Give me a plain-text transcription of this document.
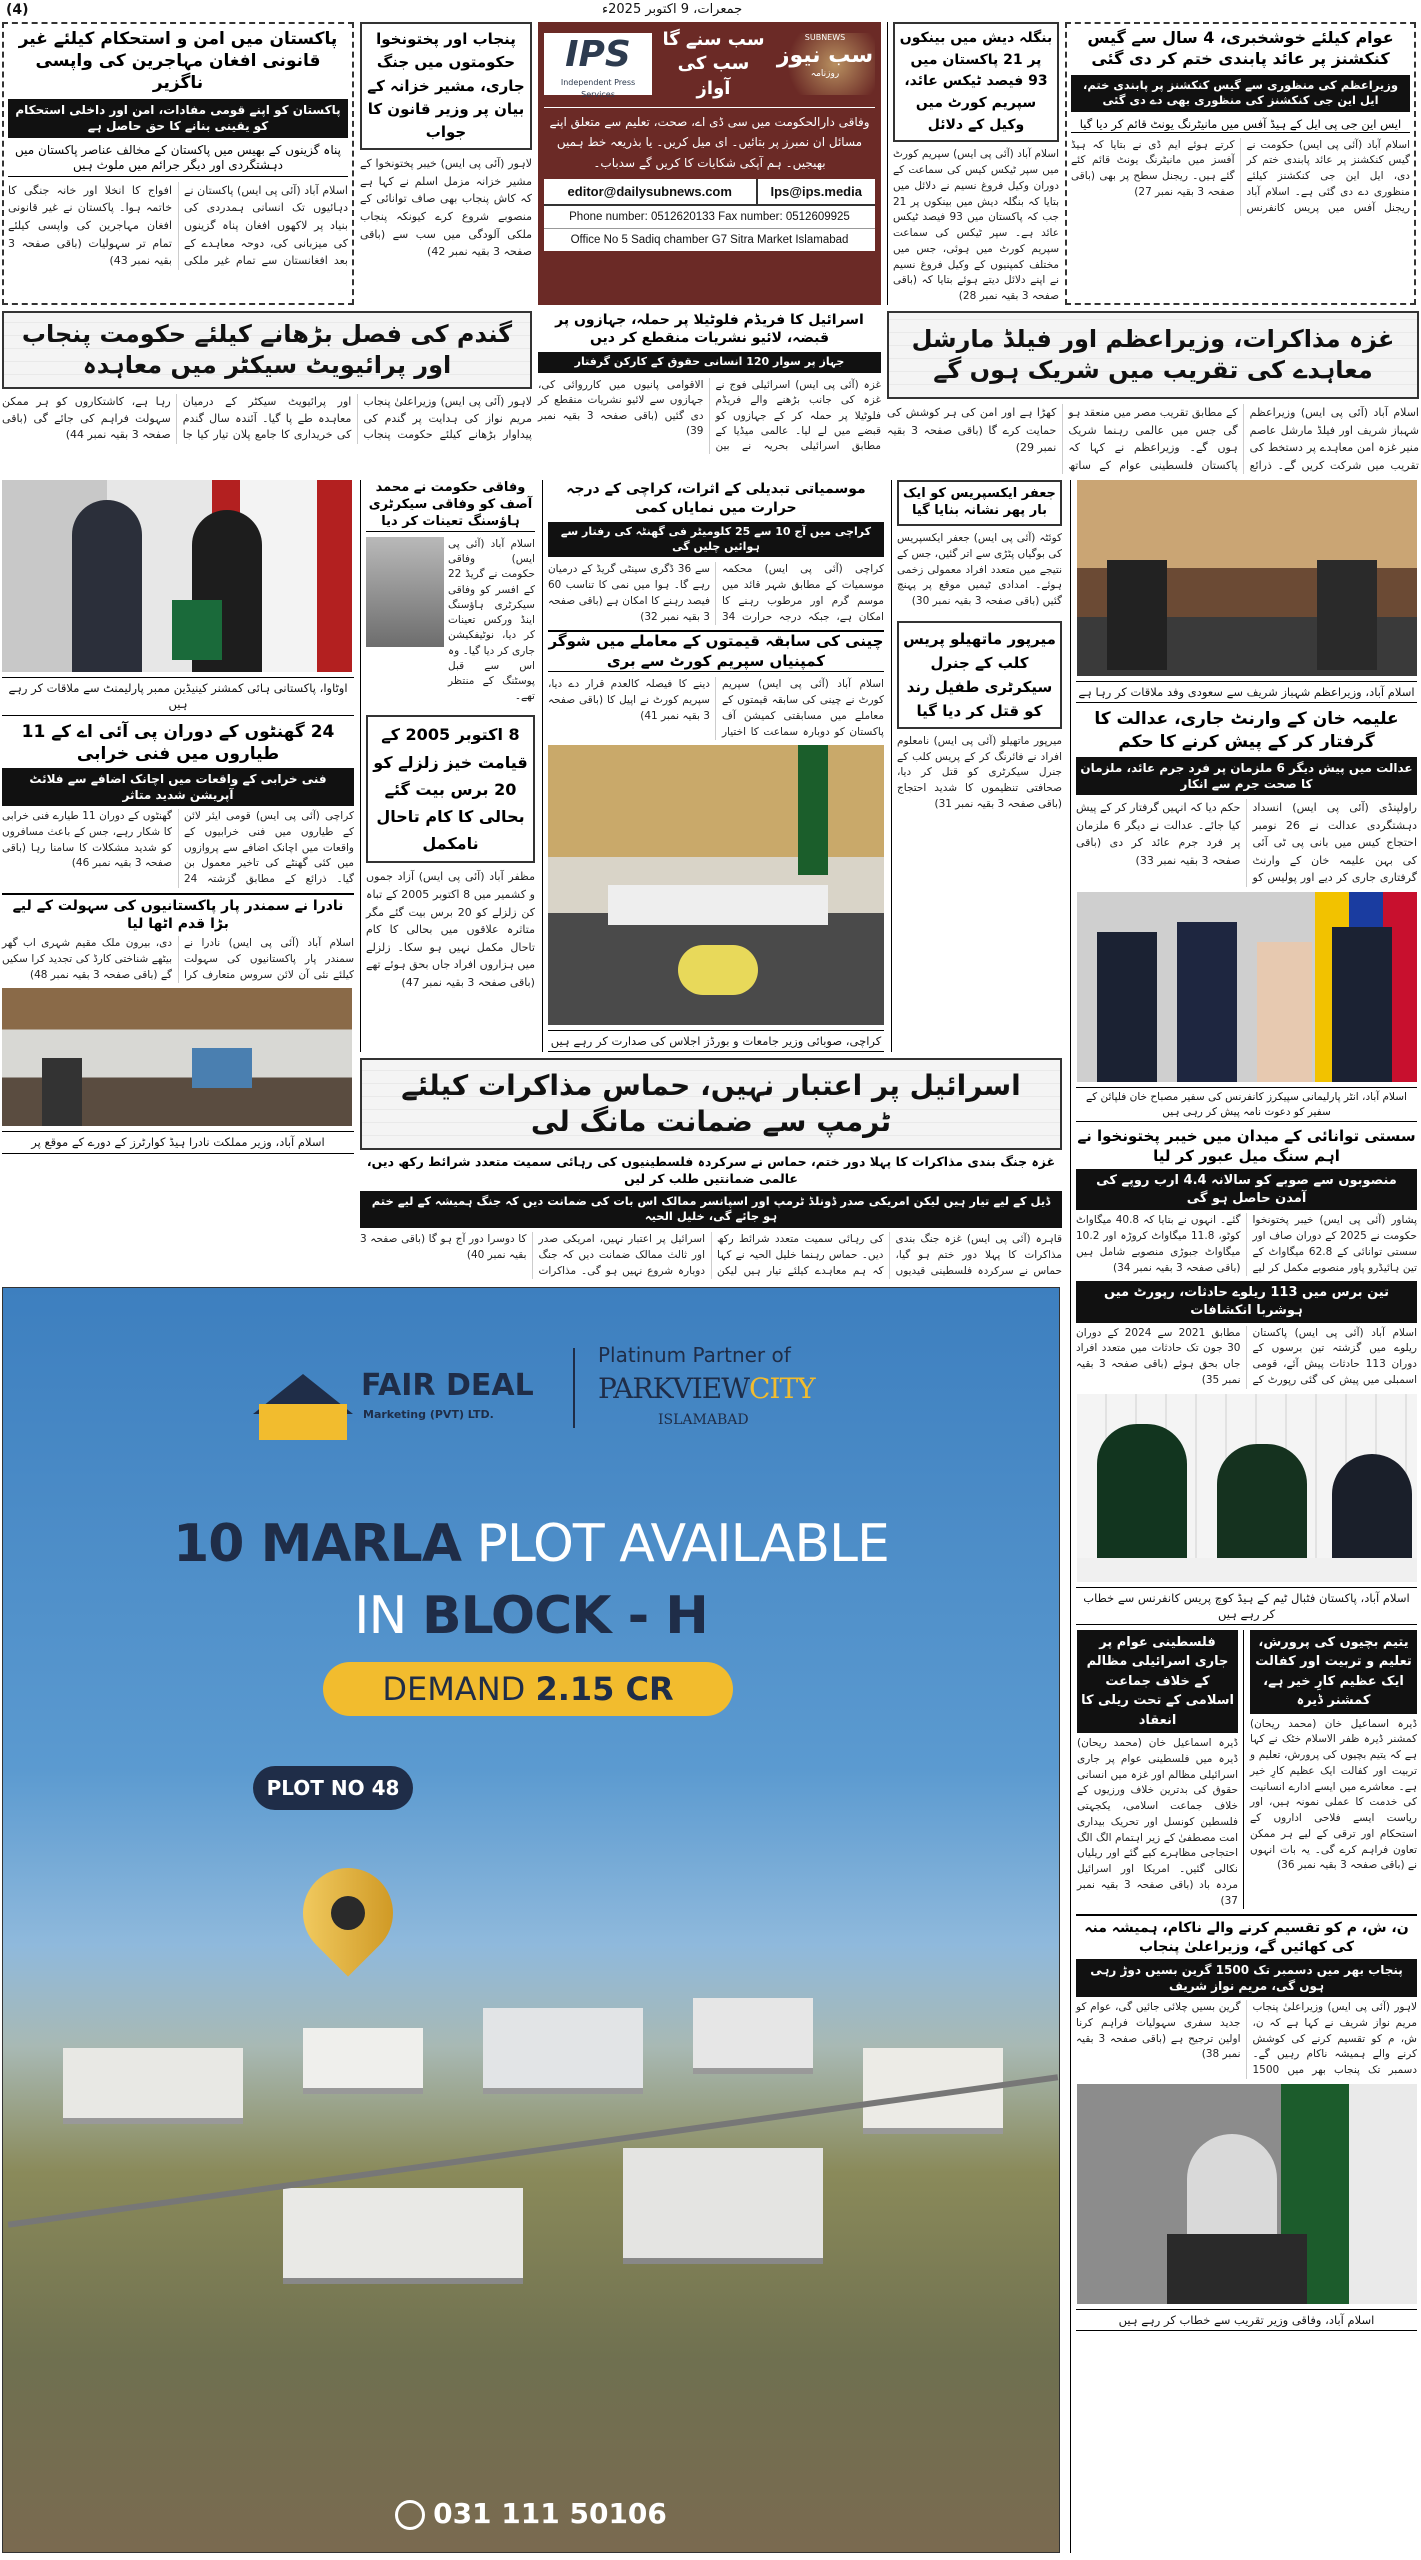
(4)	جمعرات، 9 اکتوبر 2025ء
پاکستان میں امن و استحکام کیلئے غیر قانونی افغان مہاجرین کی واپسی ناگزیر
پاکستان کو اپنے قومی مفادات، امن اور داخلی استحکام کو یقینی بنانے کا حق حاصل ہے
پناہ گزینوں کے بھیس میں پاکستان کے مخالف عناصر پاکستان میں دہشتگردی اور دیگر جرائم میں ملوث ہیں
اسلام آباد (آئی پی ایس) پاکستان نے دہائیوں تک انسانی ہمدردی کی بنیاد پر لاکھوں افغان پناہ گزینوں کی میزبانی کی، دوحہ معاہدے کے بعد افغانستان سے تمام غیر ملکی افواج کا انخلا اور خانہ جنگی کا خاتمہ ہوا۔ پاکستان نے غیر قانونی افغان مہاجرین کی واپسی کیلئے تمام تر سہولیات (باقی صفحہ 3 بقیہ نمبر 43)
پنجاب اور پختونخوا حکومتوں میں جنگ جاری، مشیر خزانہ کے بیان پر وزیر قانون کا جواب
لاہور (آئی پی ایس) خیبر پختونخوا کے مشیر خزانہ مزمل اسلم نے کہا ہے کہ کاش پنجاب بھی صاف توانائی کے منصوبے شروع کرے کیونکہ پنجاب ملکی آلودگی میں سب سے (باقی صفحہ 3 بقیہ نمبر 42)
IPS
Independent Press Services
سب سنے گا
سب کی آواز
SUBNEWS
سب نیوز
روزنامہ
وفاقی دارالحکومت میں سی ڈی اے، صحت، تعلیم سے متعلق اپنے مسائل ان نمبرز پر بتائیں۔ ای میل کریں۔ یا بذریعہ خط ہمیں بھیجیں۔ ہم آپکی شکایات کا کریں گے سدباب۔
editor@dailysubnews.com	Ips@ips.media
Phone number: 0512620133 Fax number: 0512609925
Office No 5 Sadiq chamber G7 Sitra Market Islamabad
بنگلہ دیش میں بینکوں پر 21 پاکستان میں 93 فیصد ٹیکس عائد، سپریم کورٹ میں وکیل کے دلائل
اسلام آباد (آئی پی ایس) سپریم کورٹ میں سپر ٹیکس کیس کی سماعت کے دوران وکیل فروغ نسیم نے دلائل میں بتایا کہ بنگلہ دیش میں بینکوں پر 21 جب کہ پاکستان میں 93 فیصد ٹیکس عائد ہے۔ سپر ٹیکس کی سماعت سپریم کورٹ میں ہوئی، جس میں مختلف کمپنیوں کے وکیل فروغ نسیم نے اپنے دلائل دیتے ہوئے بتایا کہ (باقی صفحہ 3 بقیہ نمبر 28)
عوام کیلئے خوشخبری، 4 سال سے گیس کنکشنز پر عائد پابندی ختم کر دی گئی
وزیراعظم کی منظوری سے گیس کنکشنز پر پابندی ختم، ایل این جی کنکشنز کی منظوری بھی دے دی گئی
ایس این جی پی ایل کے ہیڈ آفس میں مانیٹرنگ یونٹ قائم کر دیا گیا
اسلام آباد (آئی پی ایس) حکومت نے گیس کنکشنز پر عائد پابندی ختم کر دی، ایل این جی کنکشنز کیلئے منظوری دے دی گئی ہے۔ اسلام آباد ریجنل آفس میں پریس کانفرنس کرتے ہوئے ایم ڈی نے بتایا کہ ہیڈ آفسز میں مانیٹرنگ یونٹ قائم کئے گئے ہیں۔ ریجنل سطح پر بھی (باقی صفحہ 3 بقیہ نمبر 27)
گندم کی فصل بڑھانے کیلئے حکومت پنجاب اور پرائیویٹ سیکٹر میں معاہدہ
لاہور (آئی پی ایس) وزیراعلیٰ پنجاب مریم نواز کی ہدایت پر گندم کی پیداوار بڑھانے کیلئے حکومت پنجاب اور پرائیویٹ سیکٹر کے درمیان معاہدہ طے پا گیا۔ آئندہ سال گندم کی خریداری کا جامع پلان تیار کیا جا رہا ہے، کاشتکاروں کو ہر ممکن سہولت فراہم کی جائے گی (باقی صفحہ 3 بقیہ نمبر 44)
اسرائیل کا فریڈم فلوٹیلا پر حملہ، جہازوں پر قبضہ، لائیو نشریات منقطع کر دیں
جہاز پر سوار 120 انسانی حقوق کے کارکن گرفتار
غزہ (آئی پی ایس) اسرائیلی فوج نے غزہ کی جانب بڑھنے والے فریڈم فلوٹیلا پر حملہ کر کے جہازوں کو قبضے میں لے لیا۔ عالمی میڈیا کے مطابق اسرائیلی بحریہ نے بین الاقوامی پانیوں میں کارروائی کی، جہازوں سے لائیو نشریات منقطع کر دی گئیں (باقی صفحہ 3 بقیہ نمبر 39)
غزہ مذاکرات، وزیراعظم اور فیلڈ مارشل معاہدے کی تقریب میں شریک ہوں گے
اسلام آباد (آئی پی ایس) وزیراعظم شہباز شریف اور فیلڈ مارشل عاصم منیر غزہ امن معاہدے پر دستخط کی تقریب میں شرکت کریں گے۔ ذرائع کے مطابق تقریب مصر میں منعقد ہو گی جس میں عالمی رہنما شریک ہوں گے۔ وزیراعظم نے کہا کہ پاکستان فلسطینی عوام کے ساتھ کھڑا ہے اور امن کی ہر کوشش کی حمایت کرے گا (باقی صفحہ 3 بقیہ نمبر 29)
اوٹاوا، پاکستانی ہائی کمشنر کینیڈین ممبر پارلیمنٹ سے ملاقات کر رہے ہیں
24 گھنٹوں کے دوران پی آئی اے کے 11 طیاروں میں فنی خرابی
فنی خرابی کے واقعات میں اچانک اضافے سے فلائٹ آپریشن شدید متاثر
کراچی (آئی پی ایس) قومی ایئر لائن کے طیاروں میں فنی خرابیوں کے واقعات میں اچانک اضافے سے پروازوں میں کئی گھنٹے کی تاخیر معمول بن گیا۔ ذرائع کے مطابق گزشتہ 24 گھنٹوں کے دوران 11 طیارے فنی خرابی کا شکار رہے، جس کے باعث مسافروں کو شدید مشکلات کا سامنا رہا (باقی صفحہ 3 بقیہ نمبر 46)
نادرا نے سمندر پار پاکستانیوں کی سہولت کے لیے بڑا قدم اٹھا لیا
اسلام آباد (آئی پی ایس) نادرا نے سمندر پار پاکستانیوں کی سہولت کیلئے نئی آن لائن سروس متعارف کرا دی، بیرون ملک مقیم شہری اب گھر بیٹھے شناختی کارڈ کی تجدید کرا سکیں گے (باقی صفحہ 3 بقیہ نمبر 48)
اسلام آباد، وزیر مملکت نادرا ہیڈ کوارٹرز کے دورے کے موقع پر
وفاقی حکومت نے محمد آصف کو وفاقی سیکرٹری ہاؤسنگ تعینات کر دیا
اسلام آباد (آئی پی ایس) وفاقی حکومت نے گریڈ 22 کے افسر کو وفاقی سیکرٹری ہاؤسنگ اینڈ ورکس تعینات کر دیا، نوٹیفکیشن جاری کر دیا گیا۔ وہ اس سے قبل پوسٹنگ کے منتظر تھے۔
8 اکتوبر 2005 کے قیامت خیز زلزلے کو 20 برس بیت گئے بحالی کا کام تاحال نامکمل
مظفر آباد (آئی پی ایس) آزاد جموں و کشمیر میں 8 اکتوبر 2005 کے تباہ کن زلزلے کو 20 برس بیت گئے مگر متاثرہ علاقوں میں بحالی کا کام تاحال مکمل نہیں ہو سکا۔ زلزلے میں ہزاروں افراد جاں بحق ہوئے تھے (باقی صفحہ 3 بقیہ نمبر 47)
موسمیاتی تبدیلی کے اثرات، کراچی کے درجہ حرارت میں نمایاں کمی
کراچی میں آج 10 سے 25 کلومیٹر فی گھنٹہ کی رفتار سے ہوائیں چلیں گی
کراچی (آئی پی ایس) محکمہ موسمیات کے مطابق شہر قائد میں موسم گرم اور مرطوب رہنے کا امکان ہے، جبکہ درجہ حرارت 34 سے 36 ڈگری سینٹی گریڈ کے درمیان رہے گا۔ ہوا میں نمی کا تناسب 60 فیصد رہنے کا امکان ہے (باقی صفحہ 3 بقیہ نمبر 32)
چینی کی سابقہ قیمتوں کے معاملے میں شوگر کمپنیاں سپریم کورٹ سے بری
اسلام آباد (آئی پی ایس) سپریم کورٹ نے چینی کی سابقہ قیمتوں کے معاملے میں مسابقتی کمیشن آف پاکستان کو دوبارہ سماعت کا اختیار دینے کا فیصلہ کالعدم قرار دے دیا، سپریم کورٹ نے اپیل کا (باقی صفحہ 3 بقیہ نمبر 41)
کراچی، صوبائی وزیر جامعات و بورڈز اجلاس کی صدارت کر رہے ہیں
جعفر ایکسپریس کو ایک بار پھر نشانہ بنایا گیا
کوئٹہ (آئی پی ایس) جعفر ایکسپریس کی بوگیاں پٹڑی سے اتر گئیں، جس کے نتیجے میں متعدد افراد معمولی زخمی ہوئے۔ امدادی ٹیمیں موقع پر پہنچ گئیں (باقی صفحہ 3 بقیہ نمبر 30)
میرپور ماتھیلو پریس کلب کے جنرل سیکرٹری طفیل رند کو قتل کر دیا گیا
میرپور ماتھیلو (آئی پی ایس) نامعلوم افراد نے فائرنگ کر کے پریس کلب کے جنرل سیکرٹری کو قتل کر دیا، صحافتی تنظیموں کا شدید احتجاج (باقی صفحہ 3 بقیہ نمبر 31)
اسرائیل پر اعتبار نہیں، حماس مذاکرات کیلئے ٹرمپ سے ضمانت مانگ لی
غزہ جنگ بندی مذاکرات کا پہلا دور ختم، حماس نے سرکردہ فلسطینیوں کی رہائی سمیت متعدد شرائط رکھ دیں، عالمی ضمانتیں طلب کر لیں
ڈیل کے لیے تیار ہیں لیکن امریکی صدر ڈونلڈ ٹرمپ اور اسپانسر ممالک اس بات کی ضمانت دیں کہ جنگ ہمیشہ کے لیے ختم ہو جائے گی، خلیل الحیہ
قاہرہ (آئی پی ایس) غزہ جنگ بندی مذاکرات کا پہلا دور ختم ہو گیا، حماس نے سرکردہ فلسطینی قیدیوں کی رہائی سمیت متعدد شرائط رکھ دیں۔ حماس رہنما خلیل الحیہ نے کہا کہ ہم معاہدے کیلئے تیار ہیں لیکن اسرائیل پر اعتبار نہیں، امریکی صدر اور ثالث ممالک ضمانت دیں کہ جنگ دوبارہ شروع نہیں ہو گی۔ مذاکرات کا دوسرا دور آج ہو گا (باقی صفحہ 3 بقیہ نمبر 40)
FAIR DEAL
Marketing (PVT) LTD.
Platinum Partner of
PARKVIEWCITY
ISLAMABAD
10 MARLA PLOT AVAILABLE
IN BLOCK - H
DEMAND 2.15 CR
PLOT NO 48
031 111 50106
اسلام آباد، وزیراعظم شہباز شریف سے سعودی وفد ملاقات کر رہا ہے
علیمہ خان کے وارنٹ جاری، عدالت کا گرفتار کر کے پیش کرنے کا حکم
عدالت میں پیش دیگر 6 ملزمان پر فرد جرم عائد، ملزمان کا صحت جرم سے انکار
راولپنڈی (آئی پی ایس) انسداد دہشتگردی عدالت نے 26 نومبر احتجاج کیس میں بانی پی ٹی آئی کی بہن علیمہ خان کے وارنٹ گرفتاری جاری کر دیے اور پولیس کو حکم دیا کہ انہیں گرفتار کر کے پیش کیا جائے۔ عدالت نے دیگر 6 ملزمان پر فرد جرم عائد کر دی (باقی صفحہ 3 بقیہ نمبر 33)
اسلام آباد، انٹر پارلیمانی سپیکرز کانفرنس کی سفیر مصباح خان فلپائن کے سفیر کو دعوت نامہ پیش کر رہی ہیں
سستی توانائی کے میدان میں خیبر پختونخوا نے اہم سنگ میل عبور کر لیا
منصوبوں سے صوبے کو سالانہ 4.4 ارب روپے کی آمدن حاصل ہو گی
پشاور (آئی پی ایس) خیبر پختونخوا حکومت نے 2025 کے دوران صاف اور سستی توانائی کے 62.8 میگاواٹ کے تین ہائیڈرو پاور منصوبے مکمل کر لیے گئے۔ انہوں نے بتایا کہ 40.8 میگاواٹ کوٹو، 11.8 میگاواٹ کروڑہ اور 10.2 میگاواٹ جبوڑی منصوبے شامل ہیں (باقی صفحہ 3 بقیہ نمبر 34)
تین برس میں 113 ریلوے حادثات، رپورٹ میں ہوشربا انکشافات
اسلام آباد (آئی پی ایس) پاکستان ریلوے میں گزشتہ تین برسوں کے دوران 113 حادثات پیش آئے، قومی اسمبلی میں پیش کی گئی رپورٹ کے مطابق 2021 سے 2024 کے دوران 30 جون تک حادثات میں متعدد افراد جاں بحق ہوئے (باقی صفحہ 3 بقیہ نمبر 35)
اسلام آباد، پاکستان فٹبال ٹیم کے ہیڈ کوچ پریس کانفرنس سے خطاب کر رہے ہیں
یتیم بچیوں کی پرورش، تعلیم و تربیت اور کفالت ایک عظیم کارِ خیر ہے، کمشنر ڈیرہ
ڈیرہ اسماعیل خان (محمد ریحان) کمشنر ڈیرہ ظفر الاسلام خٹک نے کہا ہے کہ یتیم بچیوں کی پرورش، تعلیم و تربیت اور کفالت ایک عظیم کارِ خیر ہے۔ معاشرے میں ایسے ادارے انسانیت کی خدمت کا عملی نمونہ ہیں، اور ریاست ایسے فلاحی اداروں کے استحکام اور ترقی کے لیے ہر ممکن تعاون فراہم کرے گی۔ یہ بات انہوں نے (باقی صفحہ 3 بقیہ نمبر 36)
فلسطینی عوام پر جاری اسرائیلی مظالم کے خلاف جماعت اسلامی کے تحت ریلی کا انعقاد
ڈیرہ اسماعیل خان (محمد ریحان) ڈیرہ میں فلسطینی عوام پر جاری اسرائیلی مظالم اور غزہ میں انسانی حقوق کی بدترین خلاف ورزیوں کے خلاف جماعت اسلامی، یکجہتی فلسطین کونسل اور تحریک بیداری امت مصطفیٰ کے زیر اہتمام الگ الگ احتجاجی مظاہرے کیے گئے اور ریلیاں نکالی گئیں۔ امریکا اور اسرائیل مردہ باد (باقی صفحہ 3 بقیہ نمبر 37)
ن، ش، م کو تقسیم کرنے والے ناکام، ہمیشہ منہ کی کھائیں گے، وزیراعلیٰ پنجاب
پنجاب بھر میں دسمبر تک 1500 گرین بسیں دوڑ رہی ہوں گی، مریم نواز شریف
لاہور (آئی پی ایس) وزیراعلیٰ پنجاب مریم نواز شریف نے کہا ہے کہ ن، ش، م کو تقسیم کرنے کی کوشش کرنے والے ہمیشہ ناکام رہیں گے۔ دسمبر تک پنجاب بھر میں 1500 گرین بسیں چلائی جائیں گی، عوام کو جدید سفری سہولیات فراہم کرنا اولین ترجیح ہے (باقی صفحہ 3 بقیہ نمبر 38)
اسلام آباد، وفاقی وزیر تقریب سے خطاب کر رہے ہیں
